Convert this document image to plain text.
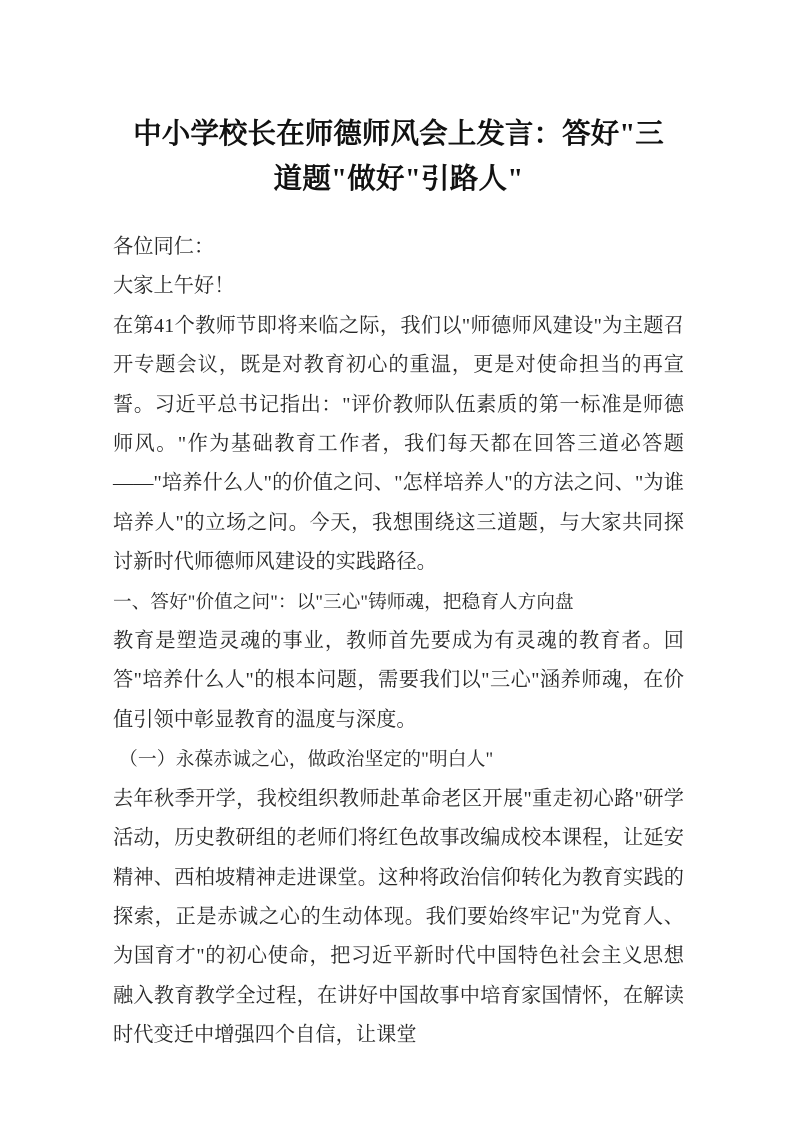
中小学校长在师德师风会上发言：答好"三
道题"做好"引路人"

各位同仁：

大家上午好！

在第41个教师节即将来临之际，我们以"师德师风建设"为主题召开专题会议，既是对教育初心的重温，更是对使命担当的再宣誓。习近平总书记指出："评价教师队伍素质的第一标准是师德师风。"作为基础教育工作者，我们每天都在回答三道必答题——"培养什么人"的价值之问、"怎样培养人"的方法之问、"为谁培养人"的立场之问。今天，我想围绕这三道题，与大家共同探讨新时代师德师风建设的实践路径。

一、答好"价值之问"：以"三心"铸师魂，把稳育人方向盘

教育是塑造灵魂的事业，教师首先要成为有灵魂的教育者。回答"培养什么人"的根本问题，需要我们以"三心"涵养师魂，在价值引领中彰显教育的温度与深度。

（一）永葆赤诚之心，做政治坚定的"明白人"

去年秋季开学，我校组织教师赴革命老区开展"重走初心路"研学活动，历史教研组的老师们将红色故事改编成校本课程，让延安精神、西柏坡精神走进课堂。这种将政治信仰转化为教育实践的探索，正是赤诚之心的生动体现。我们要始终牢记"为党育人、为国育才"的初心使命，把习近平新时代中国特色社会主义思想融入教育教学全过程，在讲好中国故事中培育家国情怀，在解读时代变迁中增强四个自信，让课堂
